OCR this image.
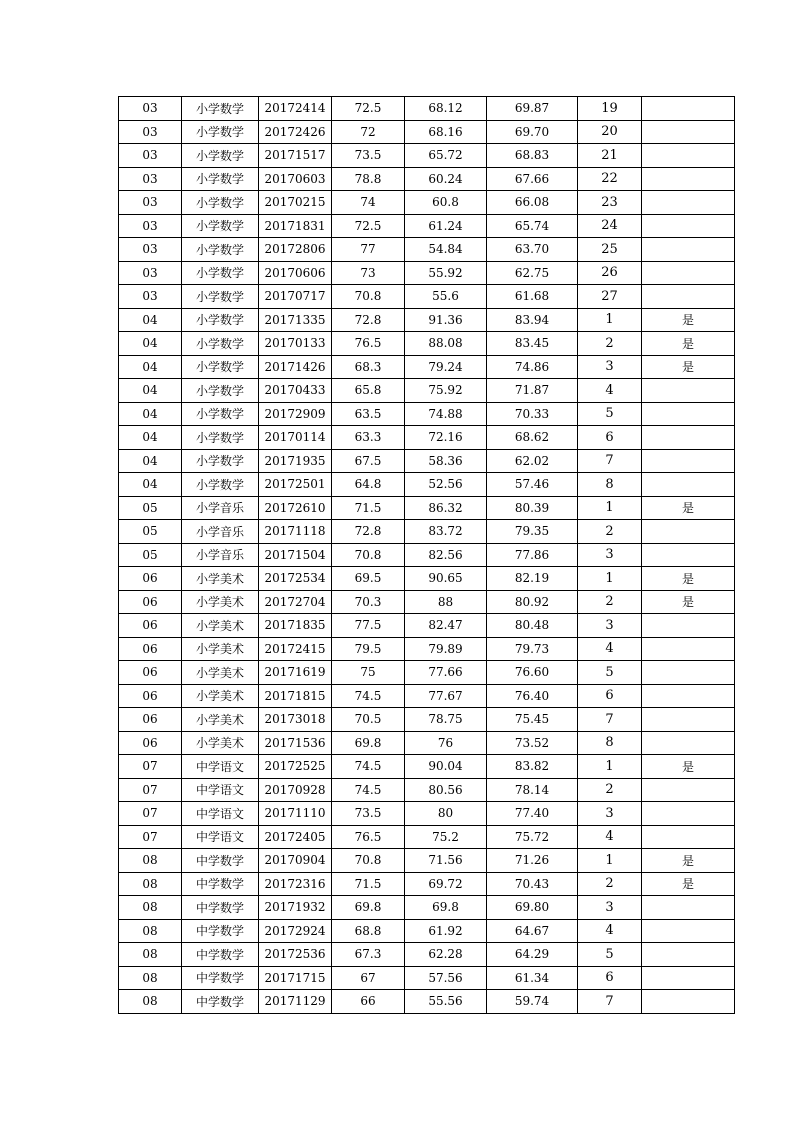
03	小学数学	20172414	72.5	68.12	69.87	19	
03	小学数学	20172426	72	68.16	69.70	20	
03	小学数学	20171517	73.5	65.72	68.83	21	
03	小学数学	20170603	78.8	60.24	67.66	22	
03	小学数学	20170215	74	60.8	66.08	23	
03	小学数学	20171831	72.5	61.24	65.74	24	
03	小学数学	20172806	77	54.84	63.70	25	
03	小学数学	20170606	73	55.92	62.75	26	
03	小学数学	20170717	70.8	55.6	61.68	27	
04	小学数学	20171335	72.8	91.36	83.94	1	是
04	小学数学	20170133	76.5	88.08	83.45	2	是
04	小学数学	20171426	68.3	79.24	74.86	3	是
04	小学数学	20170433	65.8	75.92	71.87	4	
04	小学数学	20172909	63.5	74.88	70.33	5	
04	小学数学	20170114	63.3	72.16	68.62	6	
04	小学数学	20171935	67.5	58.36	62.02	7	
04	小学数学	20172501	64.8	52.56	57.46	8	
05	小学音乐	20172610	71.5	86.32	80.39	1	是
05	小学音乐	20171118	72.8	83.72	79.35	2	
05	小学音乐	20171504	70.8	82.56	77.86	3	
06	小学美术	20172534	69.5	90.65	82.19	1	是
06	小学美术	20172704	70.3	88	80.92	2	是
06	小学美术	20171835	77.5	82.47	80.48	3	
06	小学美术	20172415	79.5	79.89	79.73	4	
06	小学美术	20171619	75	77.66	76.60	5	
06	小学美术	20171815	74.5	77.67	76.40	6	
06	小学美术	20173018	70.5	78.75	75.45	7	
06	小学美术	20171536	69.8	76	73.52	8	
07	中学语文	20172525	74.5	90.04	83.82	1	是
07	中学语文	20170928	74.5	80.56	78.14	2	
07	中学语文	20171110	73.5	80	77.40	3	
07	中学语文	20172405	76.5	75.2	75.72	4	
08	中学数学	20170904	70.8	71.56	71.26	1	是
08	中学数学	20172316	71.5	69.72	70.43	2	是
08	中学数学	20171932	69.8	69.8	69.80	3	
08	中学数学	20172924	68.8	61.92	64.67	4	
08	中学数学	20172536	67.3	62.28	64.29	5	
08	中学数学	20171715	67	57.56	61.34	6	
08	中学数学	20171129	66	55.56	59.74	7	
